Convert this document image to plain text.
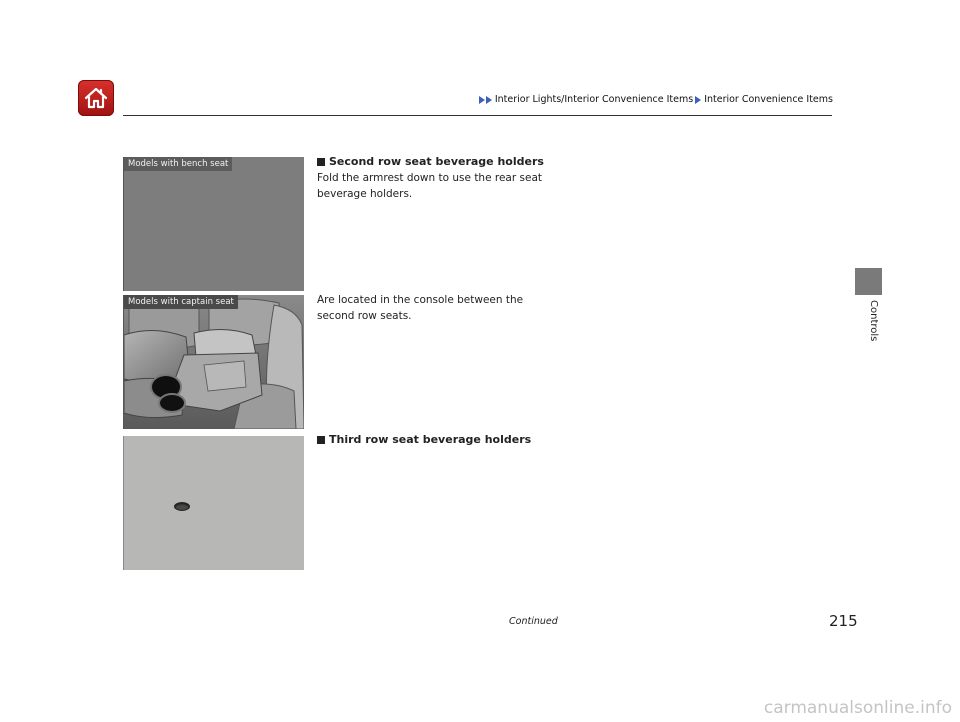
Interior Lights/Interior Convenience Items Interior Convenience Items
Controls
Models with bench seat
Models with captain seat
Second row seat beverage holders
Fold the armrest down to use the rear seat beverage holders.
Are located in the console between the second row seats.
Third row seat beverage holders
Continued	215
carmanualsonline.info
